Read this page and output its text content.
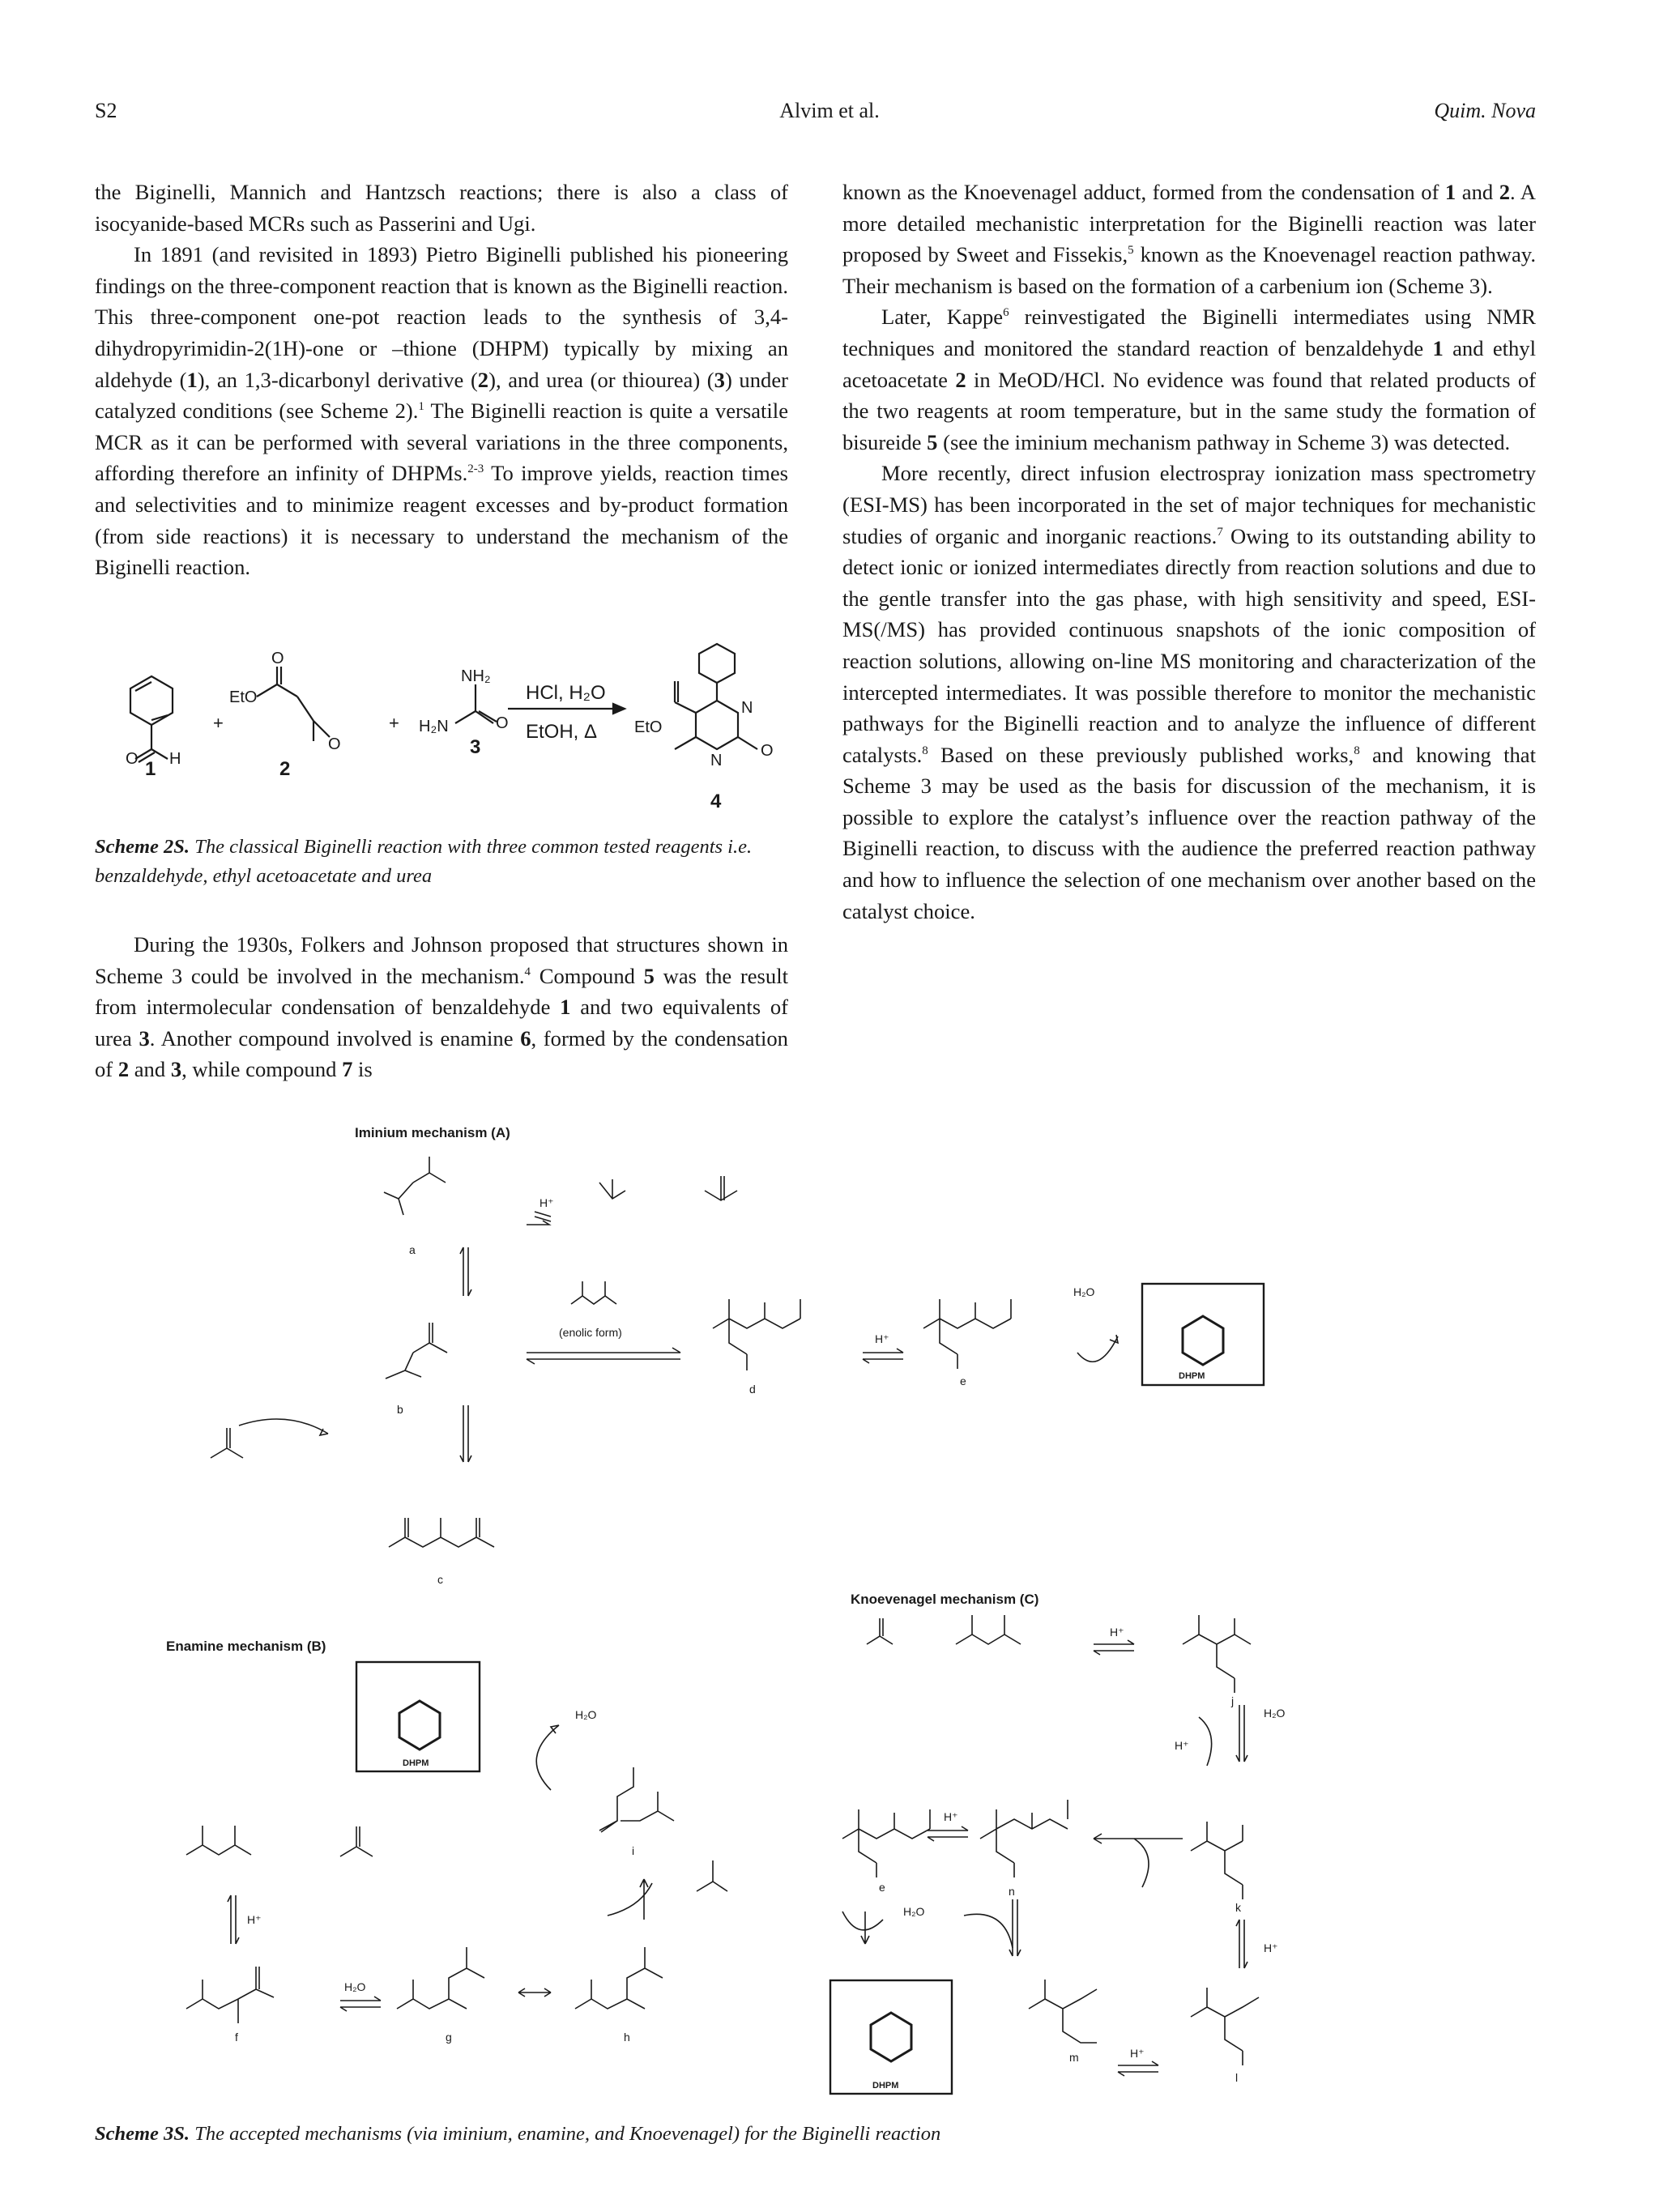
S2	Alvim et al.	Quim. Nova

the Biginelli, Mannich and Hantzsch reactions; there is also a class of isocyanide-based MCRs such as Passerini and Ugi.

In 1891 (and revisited in 1893) Pietro Biginelli published his pioneering findings on the three-component reaction that is known as the Biginelli reaction. This three-component one-pot reaction leads to the synthesis of 3,4-dihydropyrimidin-2(1H)-one or –thione (DHPM) typically by mixing an aldehyde (1), an 1,3-dicarbonyl derivative (2), and urea (or thiourea) (3) under catalyzed conditions (see Scheme 2).$^1$ The Biginelli reaction is quite a versatile MCR as it can be performed with several variations in the three components, affording therefore an infinity of DHPMs.$^{2-3}$ To improve yields, reaction times and selectivities and to minimize reagent excesses and by-product formation (from side reactions) it is necessary to understand the mechanism of the Biginelli reaction.

1
O H
+
O
EtO
O
2
+
NH₂
H₂N	O
3
HCl, H₂O
EtOH, Δ EtO
N
N
O
4
Scheme 2S. The classical Biginelli reaction with three common tested reagents i.e. benzaldehyde, ethyl acetoacetate and urea

During the 1930s, Folkers and Johnson proposed that structures shown in Scheme 3 could be involved in the mechanism.$^4$ Compound 5 was the result from intermolecular condensation of benzaldehyde 1 and two equivalents of urea 3. Another compound involved is enamine 6, formed by the condensation of 2 and 3, while compound 7 is

known as the Knoevenagel adduct, formed from the condensation of 1 and 2. A more detailed mechanistic interpretation for the Biginelli reaction was later proposed by Sweet and Fissekis,$^5$ known as the Knoevenagel reaction pathway. Their mechanism is based on the formation of a carbenium ion (Scheme 3).

Later, Kappe$^6$ reinvestigated the Biginelli intermediates using NMR techniques and monitored the standard reaction of benzaldehyde 1 and ethyl acetoacetate 2 in MeOD/HCl. No evidence was found that related products of the two reagents at room temperature, but in the same study the formation of bisureide 5 (see the iminium mechanism pathway in Scheme 3) was detected.

More recently, direct infusion electrospray ionization mass spectrometry (ESI-MS) has been incorporated in the set of major techniques for mechanistic studies of organic and inorganic reactions.$^7$ Owing to its outstanding ability to detect ionic or ionized intermediates directly from reaction solutions and due to the gentle transfer into the gas phase, with high sensitivity and speed, ESI-MS(/MS) has provided continuous snapshots of the ionic composition of reaction solutions, allowing on-line MS monitoring and characterization of the intercepted intermediates. It was possible therefore to monitor the mechanistic pathways for the Biginelli reaction and to analyze the influence of different catalysts.$^8$ Based on these previously published works,$^8$ and knowing that Scheme 3 may be used as the basis for discussion of the mechanism, it is possible to explore the catalyst’s influence over the reaction pathway of the Biginelli reaction, to discuss with the audience the preferred reaction pathway and how to influence the selection of one mechanism over another based on the catalyst choice.

Iminium mechanism (A)
Enamine mechanism (B)
Knoevenagel mechanism (C)
a
b
c
d
e
f	g	h
i
j
k
l
m
n
e
(enolic form)
DHPM
DHPM
DHPM
H⁺
H⁺
H⁺
H⁺
H⁺
H⁺
H⁺
H⁺
H₂O
H₂O
H₂O
H₂O
H₂O
Scheme 3S. The accepted mechanisms (via iminium, enamine, and Knoevenagel) for the Biginelli reaction
